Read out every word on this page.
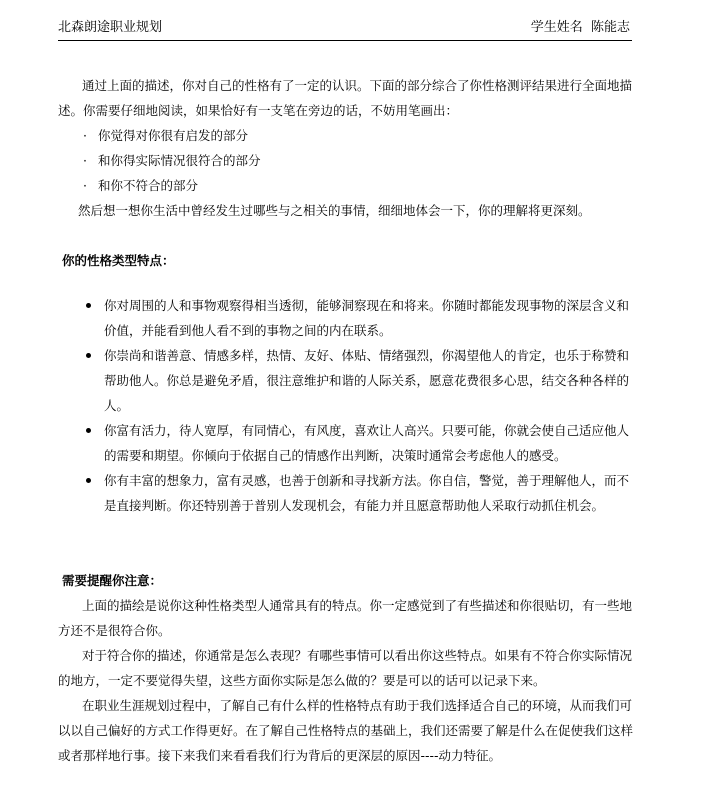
北森朗途职业规划	学生姓名 陈能志

通过上面的描述，你对自己的性格有了一定的认识。下面的部分综合了你性格测评结果进行全面地描述。你需要仔细地阅读，如果恰好有一支笔在旁边的话，不妨用笔画出：

· 你觉得对你很有启发的部分
· 和你得实际情况很符合的部分
· 和你不符合的部分

然后想一想你生活中曾经发生过哪些与之相关的事情，细细地体会一下，你的理解将更深刻。

你的性格类型特点：

你对周围的人和事物观察得相当透彻，能够洞察现在和将来。你随时都能发现事物的深层含义和价值，并能看到他人看不到的事物之间的内在联系。
你崇尚和谐善意、情感多样，热情、友好、体贴、情绪强烈，你渴望他人的肯定，也乐于称赞和帮助他人。你总是避免矛盾，很注意维护和谐的人际关系，愿意花费很多心思，结交各种各样的人。
你富有活力，待人宽厚，有同情心，有风度，喜欢让人高兴。只要可能，你就会使自己适应他人的需要和期望。你倾向于依据自己的情感作出判断，决策时通常会考虑他人的感受。
你有丰富的想象力，富有灵感，也善于创新和寻找新方法。你自信，警觉，善于理解他人，而不是直接判断。你还特别善于普别人发现机会，有能力并且愿意帮助他人采取行动抓住机会。

需要提醒你注意：

上面的描绘是说你这种性格类型人通常具有的特点。你一定感觉到了有些描述和你很贴切，有一些地方还不是很符合你。

对于符合你的描述，你通常是怎么表现？有哪些事情可以看出你这些特点。如果有不符合你实际情况的地方，一定不要觉得失望，这些方面你实际是怎么做的？要是可以的话可以记录下来。

在职业生涯规划过程中，了解自己有什么样的性格特点有助于我们选择适合自己的环境，从而我们可以以自己偏好的方式工作得更好。在了解自己性格特点的基础上，我们还需要了解是什么在促使我们这样或者那样地行事。接下来我们来看看我们行为背后的更深层的原因----动力特征。
